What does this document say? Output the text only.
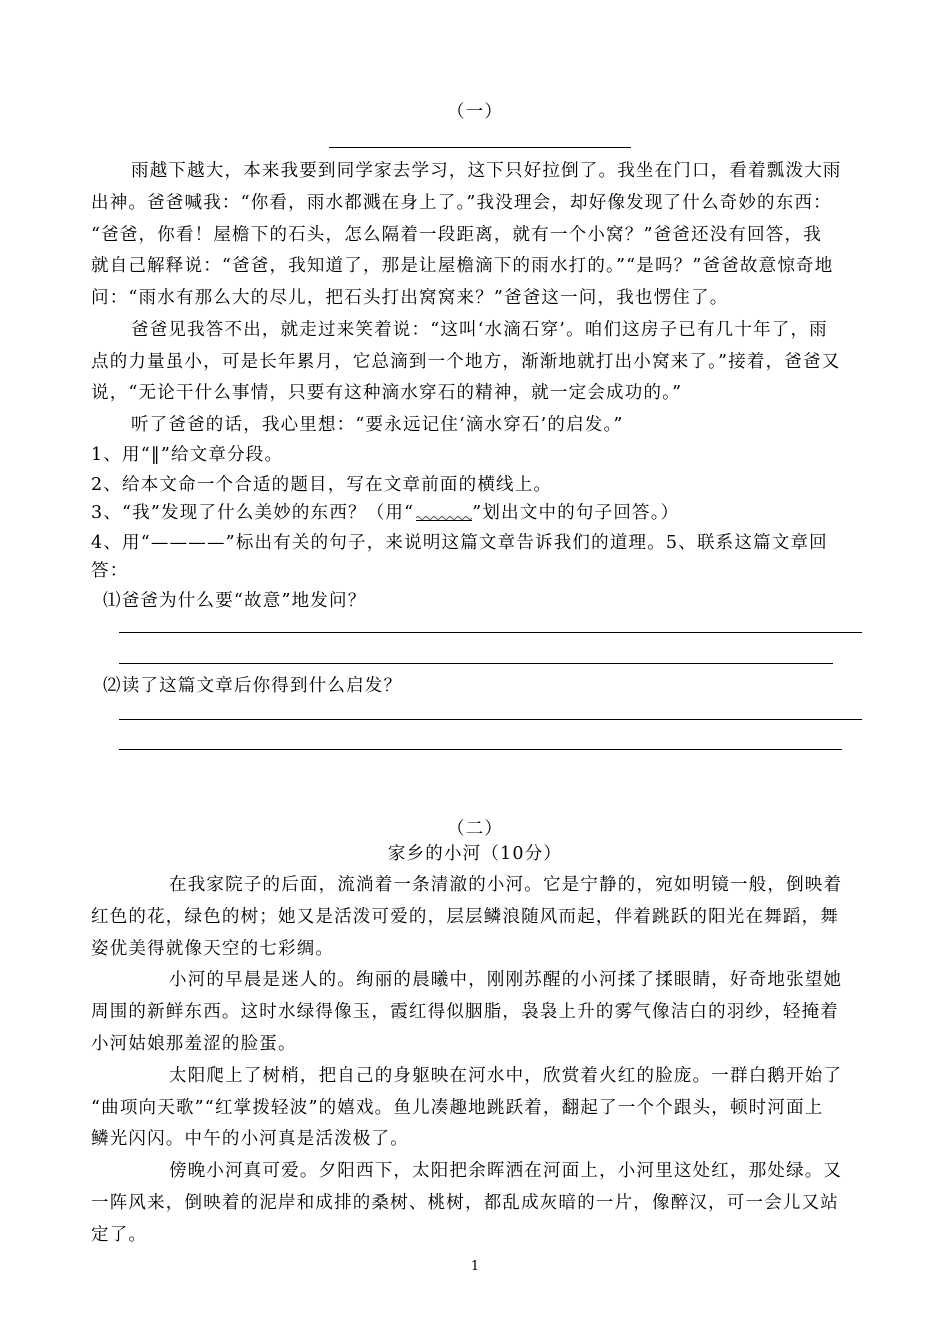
（一）
雨越下越大，本来我要到同学家去学习，这下只好拉倒了。我坐在门口，看着瓢泼大雨
出神。爸爸喊我：“你看，雨水都溅在身上了。”我没理会，却好像发现了什么奇妙的东西：
“爸爸，你看！屋檐下的石头，怎么隔着一段距离，就有一个小窝？”爸爸还没有回答，我
就自己解释说：“爸爸，我知道了，那是让屋檐滴下的雨水打的。”“是吗？”爸爸故意惊奇地
问：“雨水有那么大的尽儿，把石头打出窝窝来？”爸爸这一问，我也愣住了。
爸爸见我答不出，就走过来笑着说：“这叫‘水滴石穿’。咱们这房子已有几十年了，雨
点的力量虽小，可是长年累月，它总滴到一个地方，渐渐地就打出小窝来了。”接着，爸爸又
说，“无论干什么事情，只要有这种滴水穿石的精神，就一定会成功的。”
听了爸爸的话，我心里想：“要永远记住‘滴水穿石’的启发。”
1、用“‖”给文章分段。
2、给本文命一个合适的题目，写在文章前面的横线上。
3、“我”发现了什么美妙的东西？（用“	”划出文中的句子回答。）
4、用“————”标出有关的句子，来说明这篇文章告诉我们的道理。5、联系这篇文章回
答：
⑴爸爸为什么要“故意”地发问？
⑵读了这篇文章后你得到什么启发？
（二）
家乡的小河（10分）
在我家院子的后面，流淌着一条清澈的小河。它是宁静的，宛如明镜一般，倒映着
红色的花，绿色的树；她又是活泼可爱的，层层鳞浪随风而起，伴着跳跃的阳光在舞蹈，舞
姿优美得就像天空的七彩绸。
小河的早晨是迷人的。绚丽的晨曦中，刚刚苏醒的小河揉了揉眼睛，好奇地张望她
周围的新鲜东西。这时水绿得像玉，霞红得似胭脂，袅袅上升的雾气像洁白的羽纱，轻掩着
小河姑娘那羞涩的脸蛋。
太阳爬上了树梢，把自己的身躯映在河水中，欣赏着火红的脸庞。一群白鹅开始了
“曲项向天歌”“红掌拨轻波”的嬉戏。鱼儿凑趣地跳跃着，翻起了一个个跟头，顿时河面上
鳞光闪闪。中午的小河真是活泼极了。
傍晚小河真可爱。夕阳西下，太阳把余晖洒在河面上，小河里这处红，那处绿。又
一阵风来，倒映着的泥岸和成排的桑树、桃树，都乱成灰暗的一片，像醉汉，可一会儿又站
定了。
1
